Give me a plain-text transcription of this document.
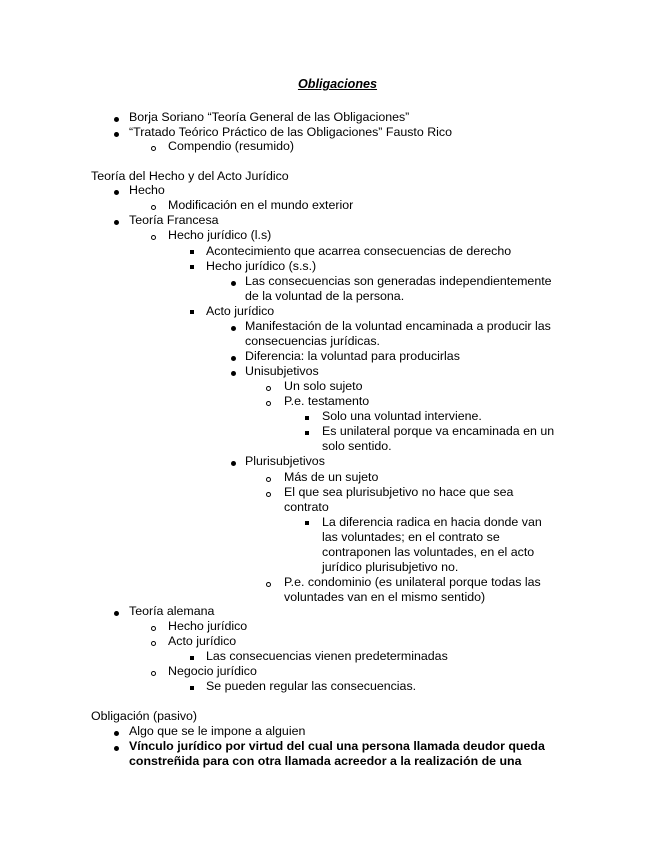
Obligaciones
Borja Soriano “Teoría General de las Obligaciones”
“Tratado Teórico Práctico de las Obligaciones” Fausto Rico
Compendio (resumido)
Teoría del Hecho y del Acto Jurídico
Hecho
Modificación en el mundo exterior
Teoría Francesa
Hecho jurídico (l.s)
Acontecimiento que acarrea consecuencias de derecho
Hecho jurídico (s.s.)
Las consecuencias son generadas independientemente
de la voluntad de la persona.
Acto jurídico
Manifestación de la voluntad encaminada a producir las
consecuencias jurídicas.
Diferencia: la voluntad para producirlas
Unisubjetivos
Un solo sujeto
P.e. testamento
Solo una voluntad interviene.
Es unilateral porque va encaminada en un
solo sentido.
Plurisubjetivos
Más de un sujeto
El que sea plurisubjetivo no hace que sea
contrato
La diferencia radica en hacia donde van
las voluntades; en el contrato se
contraponen las voluntades, en el acto
jurídico plurisubjetivo no.
P.e. condominio (es unilateral porque todas las
voluntades van en el mismo sentido)
Teoría alemana
Hecho jurídico
Acto jurídico
Las consecuencias vienen predeterminadas
Negocio jurídico
Se pueden regular las consecuencias.
Obligación (pasivo)
Algo que se le impone a alguien
Vínculo jurídico por virtud del cual una persona llamada deudor queda
constreñida para con otra llamada acreedor a la realización de una
